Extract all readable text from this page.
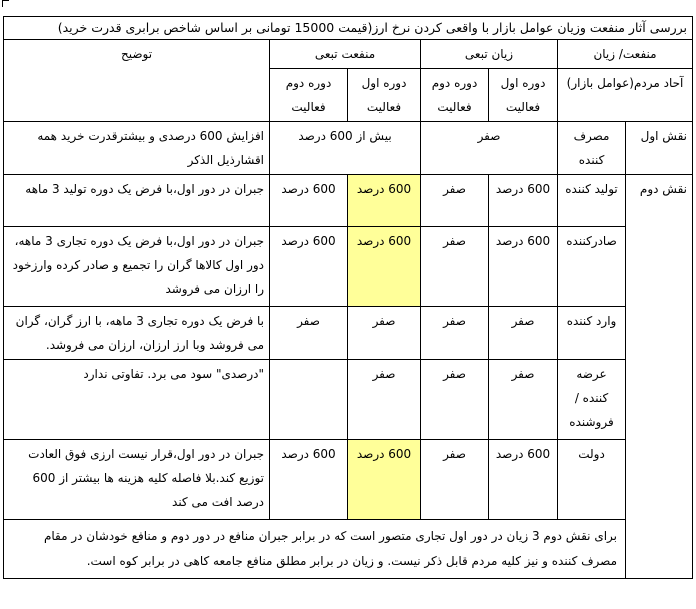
بررسی آثار منفعت وزیان عوامل بازار با واقعی کردن نرخ ارز(قیمت 15000 تومانی بر اساس شاخص برابری قدرت خرید)						
منفعت/ زیان		زیان تبعی		منفعت تبعی		توضیح
آحاد مردم(عوامل بازار)		دوره اول فعالیت	دوره دوم فعالیت	دوره اول فعالیت	دوره دوم فعالیت	
نقش اول	مصرف کننده	صفر		بیش از 600 درصد		افزایش 600 درصدی و بیشترقدرت خرید همه اقشارذیل الذکر
نقش دوم	تولید کننده	600 درصد	صفر	600 درصد	600 درصد	جبران در دور اول،با فرض یک دوره تولید 3 ماهه
	صادرکننده	600 درصد	صفر	600 درصد	600 درصد	جبران در دور اول،با فرض یک دوره تجاری 3 ماهه، دور اول کالاها گران را تجمیع و صادر کرده وارزخود را ارزان می فروشد
	وارد کننده	صفر	صفر	صفر	صفر	با فرض یک دوره تجاری 3 ماهه، با ارز گران، گران می فروشد وبا ارز ارزان، ارزان می فروشد.
	عرضه کننده /فروشنده	صفر	صفر	صفر		"درصدی" سود می برد. تفاوتی ندارد
	دولت	600 درصد	صفر	600 درصد	600 درصد	جبران در دور اول،قرار نیست ارزی فوق العادت توزیع کند.بلا فاصله کلیه هزینه ها بیشتر از 600 درصد افت می کند
	برای نقش دوم 3 زیان در دور اول تجاری متصور است که در برابر جبران منافع در دور دوم و منافع خودشان در مقام مصرف کننده و نیز کلیه مردم قابل ذکر نیست. و زیان در برابر مطلق منافع جامعه کاهی در برابر کوه است.					
